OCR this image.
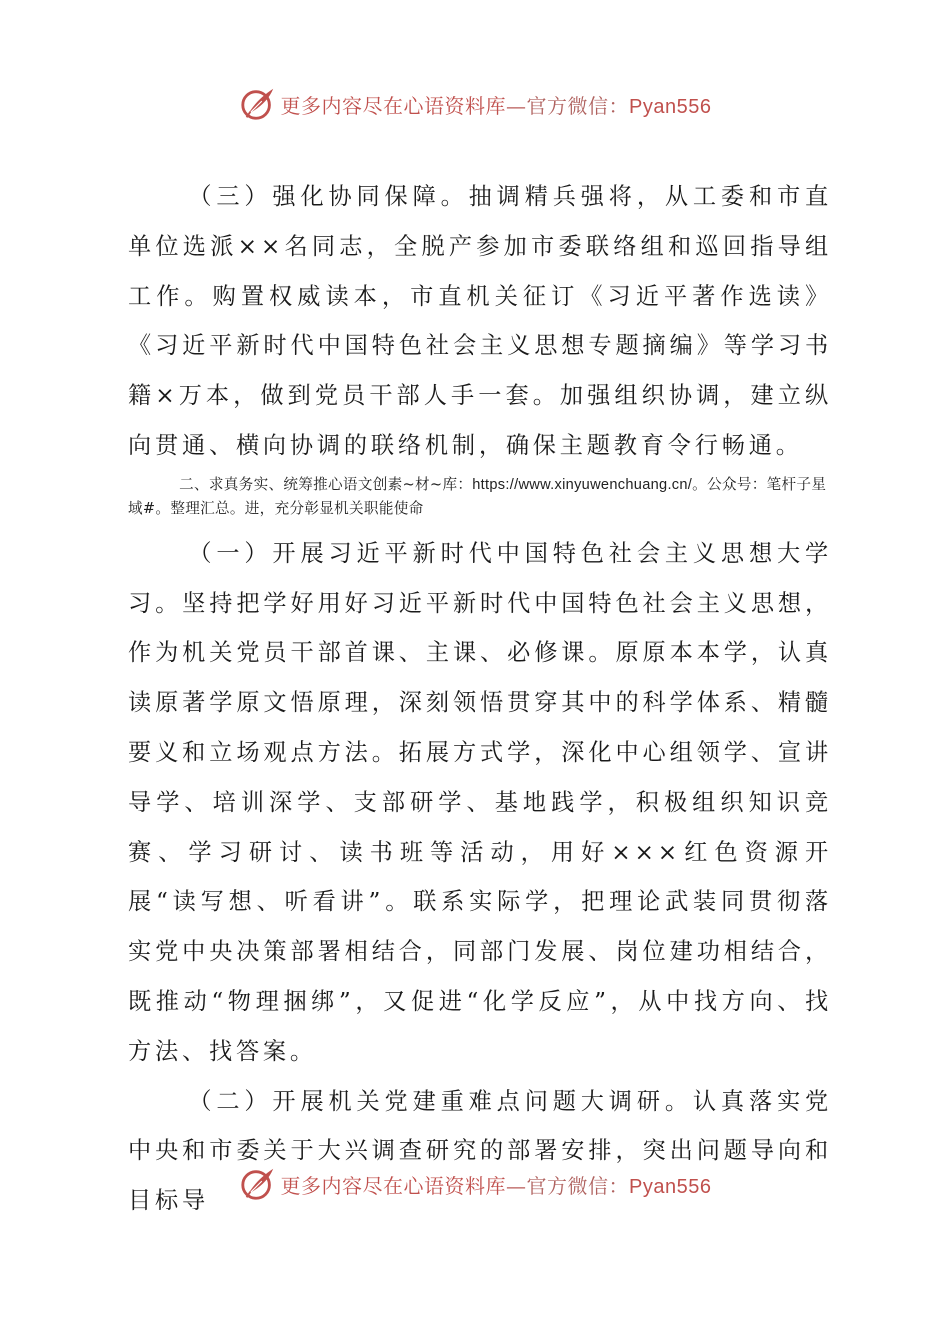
更多内容尽在心语资料库—官方微信：Pyan556

（三）强化协同保障。抽调精兵强将，从工委和市直单位选派××名同志，全脱产参加市委联络组和巡回指导组工作。购置权威读本，市直机关征订《习近平著作选读》《习近平新时代中国特色社会主义思想专题摘编》等学习书籍×万本，做到党员干部人手一套。加强组织协调，建立纵向贯通、横向协调的联络机制，确保主题教育令行畅通。

二、求真务实、统筹推心语文创素~材~库：https://www.xinyuwenchuang.cn/。公众号：笔杆子星域#。整理汇总。进，充分彰显机关职能使命

（一）开展习近平新时代中国特色社会主义思想大学习。坚持把学好用好习近平新时代中国特色社会主义思想，作为机关党员干部首课、主课、必修课。原原本本学，认真读原著学原文悟原理，深刻领悟贯穿其中的科学体系、精髓要义和立场观点方法。拓展方式学，深化中心组领学、宣讲导学、培训深学、支部研学、基地践学，积极组织知识竞赛、学习研讨、读书班等活动，用好×××红色资源开展“读写想、听看讲”。联系实际学，把理论武装同贯彻落实党中央决策部署相结合，同部门发展、岗位建功相结合，既推动“物理捆绑”，又促进“化学反应”，从中找方向、找方法、找答案。

（二）开展机关党建重难点问题大调研。认真落实党中央和市委关于大兴调查研究的部署安排，突出问题导向和目标导

更多内容尽在心语资料库—官方微信：Pyan556
